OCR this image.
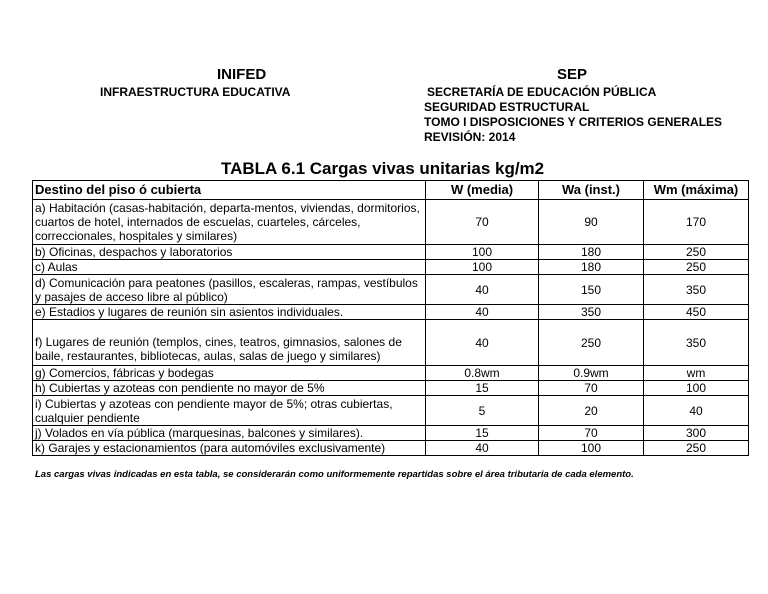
INIFED
INFRAESTRUCTURA EDUCATIVA
SEP
SECRETARÍA DE EDUCACIÓN PÚBLICA
SEGURIDAD ESTRUCTURAL
TOMO I DISPOSICIONES Y CRITERIOS GENERALES
REVISIÓN: 2014
TABLA 6.1 Cargas vivas unitarias kg/m2
Destino del piso ó cubierta	W (media)	Wa (inst.)	Wm (máxima)
a) Habitación (casas-habitación, departa-mentos, viviendas, dormitorios, cuartos de hotel, internados de escuelas, cuarteles, cárceles, correccionales, hospitales y similares)	70	90	170
b) Oficinas, despachos y laboratorios	100	180	250
c) Aulas	100	180	250
d) Comunicación para peatones (pasillos, escaleras, rampas, vestíbulos y pasajes de acceso libre al público)	40	150	350
e) Estadios y lugares de reunión sin asientos individuales.	40	350	450
f) Lugares de reunión (templos, cines, teatros, gimnasios, salones de baile, restaurantes, bibliotecas, aulas, salas de juego y similares)	40	250	350
g) Comercios, fábricas y bodegas	0.8wm	0.9wm	wm
h) Cubiertas y azoteas con pendiente no mayor de 5%	15	70	100
i) Cubiertas y azoteas con pendiente mayor de 5%; otras cubiertas, cualquier pendiente	5	20	40
j) Volados en vía pública (marquesinas, balcones y similares).	15	70	300
k) Garajes y estacionamientos (para automóviles exclusivamente)	40	100	250
Las cargas vivas indicadas en esta tabla, se considerarán como uniformemente repartidas sobre el área tributaria de cada elemento.
